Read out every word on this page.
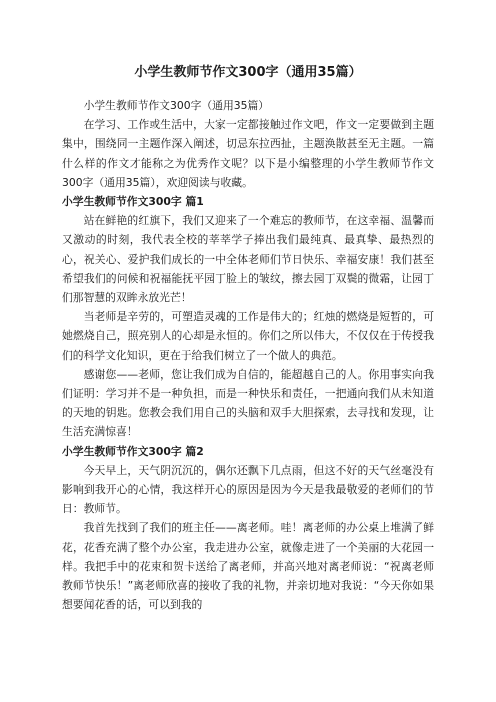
小学生教师节作文300字（通用35篇）

小学生教师节作文300字（通用35篇）

在学习、工作或生活中，大家一定都接触过作文吧，作文一定要做到主题集中，围绕同一主题作深入阐述，切忌东拉西扯，主题涣散甚至无主题。一篇什么样的作文才能称之为优秀作文呢？以下是小编整理的小学生教师节作文300字（通用35篇），欢迎阅读与收藏。

小学生教师节作文300字 篇1

站在鲜艳的红旗下，我们又迎来了一个难忘的教师节，在这幸福、温馨而又激动的时刻，我代表全校的莘莘学子捧出我们最纯真、最真挚、最热烈的心，祝关心、爱护我们成长的一中全体老师们节日快乐、幸福安康！我们甚至希望我们的问候和祝福能抚平园丁脸上的皱纹，擦去园丁双鬓的微霜，让园丁们那智慧的双眸永放光芒！

当老师是辛劳的，可塑造灵魂的工作是伟大的；红烛的燃烧是短暂的，可她燃烧自己，照亮别人的心却是永恒的。你们之所以伟大，不仅仅在于传授我们的科学文化知识，更在于给我们树立了一个做人的典范。

感谢您——老师，您让我们成为自信的，能超越自己的人。你用事实向我们证明：学习并不是一种负担，而是一种快乐和责任，一把通向我们从未知道的天地的钥匙。您教会我们用自己的头脑和双手大胆探索，去寻找和发现，让生活充满惊喜！

小学生教师节作文300字 篇2

今天早上，天气阴沉沉的，偶尔还飘下几点雨，但这不好的天气丝毫没有影响到我开心的心情，我这样开心的原因是因为今天是我最敬爱的老师们的节日：教师节。

我首先找到了我们的班主任——离老师。哇！离老师的办公桌上堆满了鲜花，花香充满了整个办公室，我走进办公室，就像走进了一个美丽的大花园一样。我把手中的花束和贺卡送给了离老师，并高兴地对离老师说：“祝离老师教师节快乐！”离老师欣喜的接收了我的礼物，并亲切地对我说：“今天你如果想要闻花香的话，可以到我的
